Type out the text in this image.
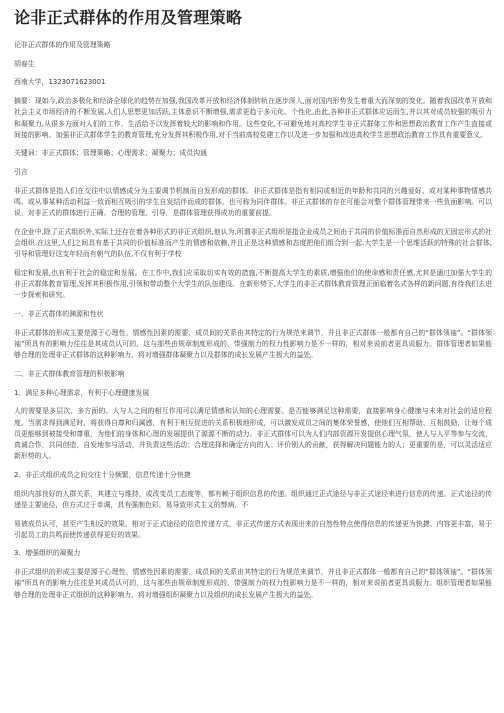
论非正式群体的作用及管理策略
论非正式群体的作用及管理策略
胡春生
西南大学，1323071623001
摘要：现如今,政治多极化和经济全球化的趋势在加强,我国改革开放和经济体制转轨在逐步深入,面对国内形势发生着重大而深刻的变化。随着我国改革开放和社会主义市场经济的不断发展,人们人思想更加活跃,主体意识不断增强,需求更趋于多元化、个性化,由此,各种非正式群体应运而生,并以其对成员较强的吸引力和凝聚力,从很多方面对人们的工作、生活给予以发挥着较大的影响和作用。这些变化,不可避免地对高校学生非正式群体工作和思想政治教育工作产生直接或间接的影响。加强非正式群体学生的教育管理,充分发挥其积极作用,对于当前高校党建工作以及进一步加强和改进高校学生思想政治教育工作具有重要意义。
关键词：非正式群体；管理策略；心理需求；凝聚力；成员沟通
引言
非正式群体是指人们在交往中以情感成分为主要调节机制而自发形成的群体。非正式群体是指有相同或相近的年龄和共同的兴趣爱好、或对某种事物情感共鸣、或从事某种活动利益一致而相互吸引的学生自发结伴而成的群体，也可称为同伴群体。非正式群体的存在可能会对整个群体管理带来一些负面影响。可以说，对非正式的群体进行正确、合理的管理、引导，是群体管理获得成功的重要前提。
在企业中,除了正式组织外,实际上还存在着各种形式的非正式组织,他认为,所谓非正式组织是指企业成员之间由于共同的价值标准而自然形成的无固定形式的社会组织.在这里,人们之间具有基于共同的价值标准而产生的情感和依赖,并且正是这种情感和态度把他们组合到一起.大学生是一个思维活跃的特殊的社会群体,引导和管理好这支年轻而有朝气的队伍,不仅有利于学校
稳定和发展,也有利于社会的稳定和发展。在工作中,我们应采取切实有效的措施,不断提高大学生的素质,增强他们的使命感和责任感,尤其是通过加强大学生的非正式群体教育管理,发挥其积极作用,引领和带动整个大学生的队伍建设。在新形势下,大学生的非正式群体教育管理正面临着名式各样的新问题,有待我们去进一步探索和研究。
一、非正式群体的渊源和性状
非正式群体的形成主要是源于心理性、情感性因素的需要、成员间的关系由其特定的行为规范来调节，并且非正式群体一般都有自己的“群体领袖”。“群体领袖”所具有的影响力往往是其成员认可的，这与那些由规章制度形成的、带强制力的权力性影响力是不一样的，相对来说前者更具说服力。群体管理者如果能够合理的处理非正式群体的这种影响力，将对增强群体凝聚力以及群体的成长发展产生极大的益处。
二、非正式群体教育管理的积极影响
1、满足多种心理需求，有利于心理健康发展
人的需要是多层次、多方面的。人与人之间的相互作用可以满足情感和认知的心理需要。是否能够满足这种需要，直接影响身心健康与未来对社会的适应程度。当需求得到满足时，将获得自尊和归属感，有利于相互促进的关系积极地形成，可以激发成员之间的集体荣誉感，使他们互相帮助、互相鼓励，让每个成员更能够到被接受和尊重，为他们的身体和心理的发展提供了源源不断的动力。非正式群体可以为人们内部资源开发提供心理气氛，使人与人平等参与交流，真诚合作，共同创造，自发地参与活动，并负责这些活动；合理选择和确定方向的人；评价别人的贡献，获得解决问题能力的人；更重要的是，可以灵活适应新形势的人。
2、非正式组织成员之间交往十分频繁，信息传递十分快捷
组织内部良好的人群关系，其建立与维持，或改变员工态度等，都有赖于组织信息的传递。组织通过正式途径与非正式途径来进行信息的传递。正式途径的传递是主要途径，但方式过于单调，具有强制色彩，易导致形式主义的弊病，不
易被成员认可，甚至产生相反的效果。相对于正式途径的信息传递方式，非正式传递方式表现出来的自然性特点使得信息的传递更为快捷、内容更丰富，易于引起员工的共鸣而使传递获得更好的效果。
3、增强组织的凝聚力
非正式组织的形成主要是源于心理性、情感性因素的需要、成员间的关系由其特定的行为规范来调节，并且非正式群体一般都有自己的“群体领袖”。“群体领袖”所具有的影响力往往是其成员认可的，这与那些由规章制度形成的、带强制力的权力性影响力是不一样的，相对来说前者更具说服力。组织管理者如果能够合理的处理非正式组织的这种影响力，将对增强组织凝聚力以及组织的成长发展产生极大的益处。
